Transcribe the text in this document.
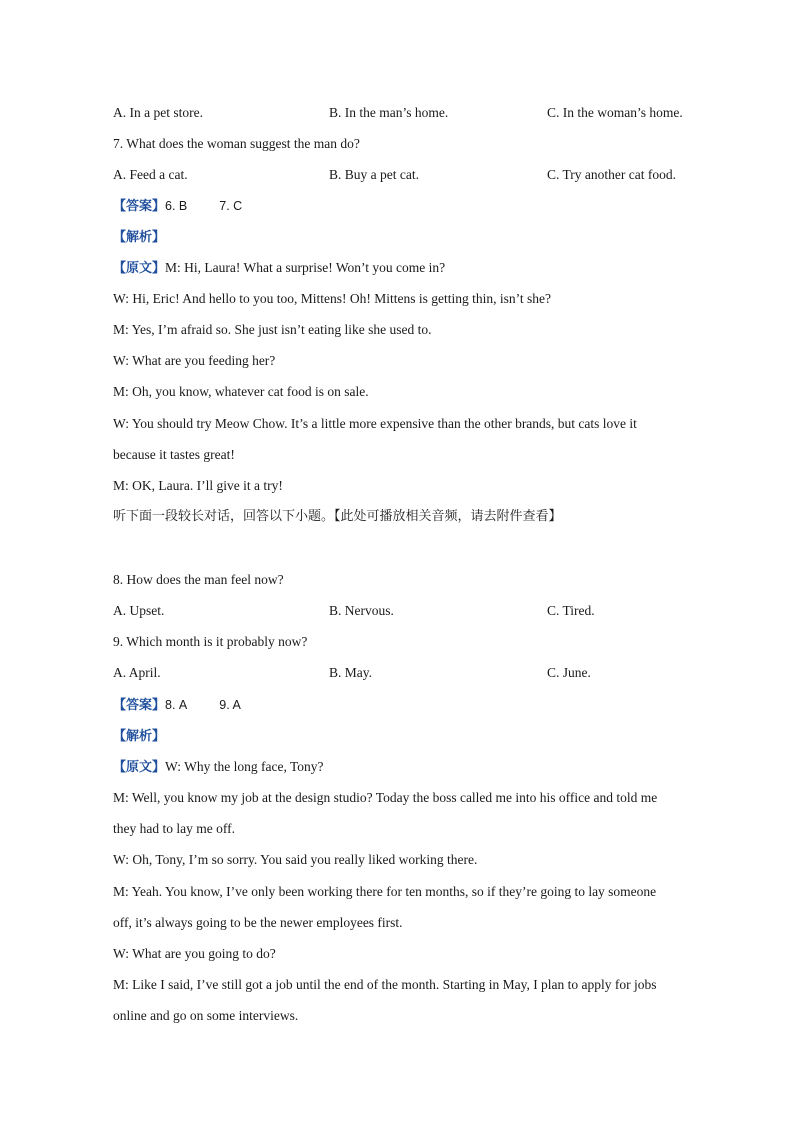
A. In a pet store.	B. In the man’s home.	C. In the woman’s home.
7. What does the woman suggest the man do?
A. Feed a cat.	B. Buy a pet cat.	C. Try another cat food.
【答案】6. B	7. C
【解析】
【原文】M: Hi, Laura! What a surprise! Won’t you come in?
W: Hi, Eric! And hello to you too, Mittens! Oh! Mittens is getting thin, isn’t she?
M: Yes, I’m afraid so. She just isn’t eating like she used to.
W: What are you feeding her?
M: Oh, you know, whatever cat food is on sale.
W: You should try Meow Chow. It’s a little more expensive than the other brands, but cats love it
because it tastes great!
M: OK, Laura. I’ll give it a try!
听下面一段较长对话，回答以下小题。【此处可播放相关音频，请去附件查看】
8. How does the man feel now?
A. Upset.	B. Nervous.	C. Tired.
9. Which month is it probably now?
A. April.	B. May.	C. June.
【答案】8. A	9. A
【解析】
【原文】W: Why the long face, Tony?
M: Well, you know my job at the design studio? Today the boss called me into his office and told me
they had to lay me off.
W: Oh, Tony, I’m so sorry. You said you really liked working there.
M: Yeah. You know, I’ve only been working there for ten months, so if they’re going to lay someone
off, it’s always going to be the newer employees first.
W: What are you going to do?
M: Like I said, I’ve still got a job until the end of the month. Starting in May, I plan to apply for jobs
online and go on some interviews.
